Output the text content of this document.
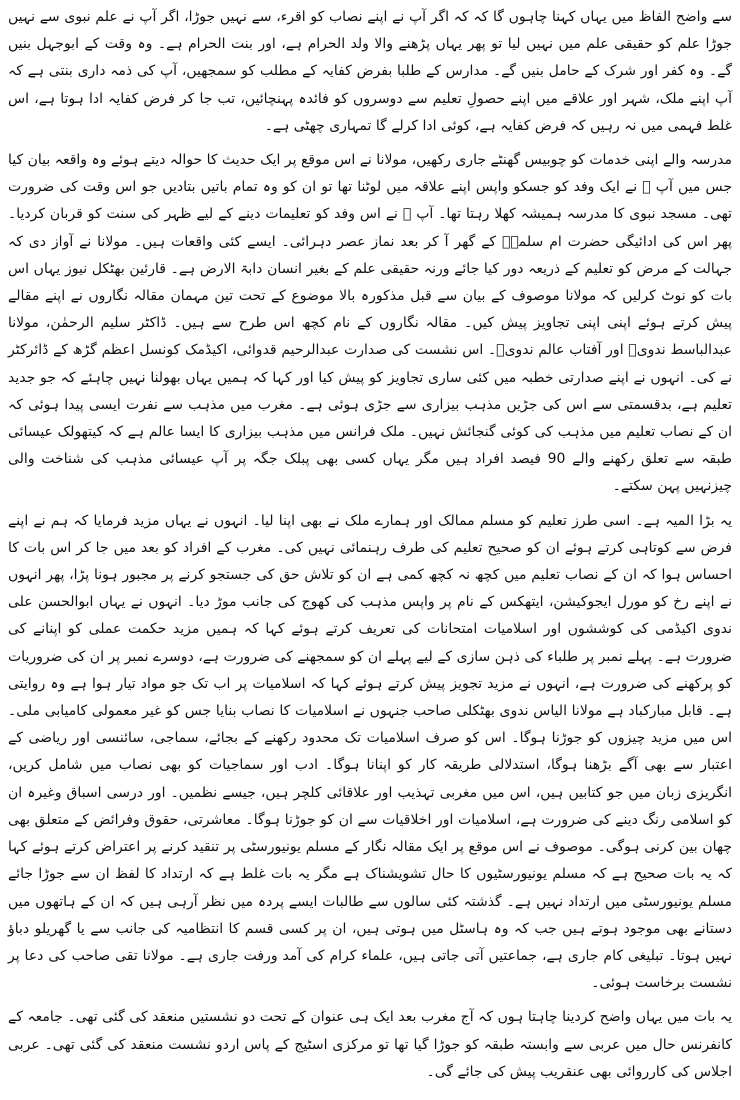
سے واضح الفاظ میں یہاں کہنا چاہوں گا کہ کہ اگر آپ نے اپنے نصاب کو اقرء، سے نہیں جوڑا، اگر آپ نے علم نبوی سے نہیں جوڑا علم کو حقیقی علم میں نہیں لیا تو پھر یہاں پڑھنے والا ولد الحرام ہے، اور بنت الحرام ہے۔ وہ وقت کے ابوجہل بنیں گے۔ وہ کفر اور شرک کے حامل بنیں گے۔ مدارس کے طلبا بفرض کفایہ کے مطلب کو سمجھیں، آپ کی ذمہ داری بنتی ہے کہ آپ اپنے ملک، شہر اور علاقے میں اپنے حصولِ تعلیم سے دوسروں کو فائدہ پہنچائیں، تب جا کر فرض کفایہ ادا ہوتا ہے، اس غلط فہمی میں نہ رہیں کہ فرض کفایہ ہے، کوئی ادا کرلے گا تمہاری چھٹی ہے۔

مدرسہ والے اپنی خدمات کو چوبیس گھنٹے جاری رکھیں، مولانا نے اس موقع پر ایک حدیث کا حوالہ دیتے ہوئے وہ واقعہ بیان کیا جس میں آپ ﷺ نے ایک وفد کو جسکو واپس اپنے علاقہ میں لوٹنا تھا تو ان کو وہ تمام باتیں بتادیں جو اس وقت کی ضرورت تھی۔ مسجد نبوی کا مدرسہ ہمیشہ کھلا رہتا تھا۔ آپ ﷺ نے اس وفد کو تعلیمات دینے کے لیے ظہر کی سنت کو قربان کردیا۔ پھر اس کی ادائیگی حضرت ام سلمہؓ کے گھر آ کر بعد نماز عصر دہرائی۔ ایسے کئی واقعات ہیں۔ مولانا نے آواز دی کہ جہالت کے مرض کو تعلیم کے ذریعہ دور کیا جائے ورنہ حقیقی علم کے بغیر انسان دابۃ الارض ہے۔ قارئین بھٹکل نیوز یہاں اس بات کو نوٹ کرلیں کہ مولانا موصوف کے بیان سے قبل مذکورہ بالا موضوع کے تحت تین مہمان مقالہ نگاروں نے اپنے مقالے پیش کرتے ہوئے اپنی اپنی تجاویز پیش کیں۔ مقالہ نگاروں کے نام کچھ اس طرح سے ہیں۔ ڈاکٹر سلیم الرحمٰن، مولانا عبدالباسط ندویؔ اور آفتاب عالم ندویؔ۔ اس نشست کی صدارت عبدالرحیم قدوائی، اکیڈمک کونسل اعظم گڑھ کے ڈائرکٹر نے کی۔ انہوں نے اپنے صدارتی خطبہ میں کئی ساری تجاویز کو پیش کیا اور کہا کہ ہمیں یہاں بھولنا نہیں چاہئے کہ جو جدید تعلیم ہے، بدقسمتی سے اس کی جڑیں مذہب بیزاری سے جڑی ہوئی ہے۔ مغرب میں مذہب سے نفرت ایسی پیدا ہوئی کہ ان کے نصاب تعلیم میں مذہب کی کوئی گنجائش نہیں۔ ملک فرانس میں مذہب بیزاری کا ایسا عالم ہے کہ کیتھولک عیسائی طبقہ سے تعلق رکھنے والے 90 فیصد افراد ہیں مگر یہاں کسی بھی پبلک جگہ پر آپ عیسائی مذہب کی شناخت والی چیزنہیں پہن سکتے۔

یہ بڑا المیہ ہے۔ اسی طرز تعلیم کو مسلم ممالک اور ہمارے ملک نے بھی اپنا لیا۔ انہوں نے یہاں مزید فرمایا کہ ہم نے اپنے فرض سے کوتاہی کرتے ہوئے ان کو صحیح تعلیم کی طرف رہنمائی نہیں کی۔ مغرب کے افراد کو بعد میں جا کر اس بات کا احساس ہوا کہ ان کے نصاب تعلیم میں کچھ نہ کچھ کمی ہے ان کو تلاش حق کی جستجو کرنے پر مجبور ہونا پڑا، پھر انہوں نے اپنے رخ کو مورل ایجوکیشن، ایتھکس کے نام پر واپس مذہب کی کھوج کی جانب موڑ دیا۔ انہوں نے یہاں ابوالحسن علی ندوی اکیڈمی کی کوششوں اور اسلامیات امتحانات کی تعریف کرتے ہوئے کہا کہ ہمیں مزید حکمت عملی کو اپنانے کی ضرورت ہے۔ پہلے نمبر پر طلباء کی ذہن سازی کے لیے پہلے ان کو سمجھنے کی ضرورت ہے، دوسرے نمبر پر ان کی ضروریات کو پرکھنے کی ضرورت ہے، انہوں نے مزید تجویز پیش کرتے ہوئے کہا کہ اسلامیات پر اب تک جو مواد تیار ہوا ہے وہ روایتی ہے۔ قابل مبارکباد ہے مولانا الیاس ندوی بھٹکلی صاحب جنہوں نے اسلامیات کا نصاب بنایا جس کو غیر معمولی کامیابی ملی۔ اس میں مزید چیزوں کو جوڑنا ہوگا۔ اس کو صرف اسلامیات تک محدود رکھنے کے بجائے، سماجی، سائنسی اور ریاضی کے اعتبار سے بھی آگے بڑھنا ہوگا، استدلالی طریقہ کار کو اپنانا ہوگا۔ ادب اور سماجیات کو بھی نصاب میں شامل کریں، انگریزی زبان میں جو کتابیں ہیں، اس میں مغربی تہذیب اور علاقائی کلچر ہیں، جیسے نظمیں۔ اور درسی اسباق وغیرہ ان کو اسلامی رنگ دینے کی ضرورت ہے، اسلامیات اور اخلاقیات سے ان کو جوڑنا ہوگا۔ معاشرتی، حقوق وفرائض کے متعلق بھی چھان بین کرنی ہوگی۔ موصوف نے اس موقع پر ایک مقالہ نگار کے مسلم یونیورسٹی پر تنقید کرنے پر اعتراض کرتے ہوئے کہا کہ یہ بات صحیح ہے کہ مسلم یونیورسٹیوں کا حال تشویشناک ہے مگر یہ بات غلط ہے کہ ارتداد کا لفظ ان سے جوڑا جائے مسلم یونیورسٹی میں ارتداد نہیں ہے۔ گذشتہ کئی سالوں سے طالبات ایسے پردہ میں نظر آرہی ہیں کہ ان کے ہاتھوں میں دستانے بھی موجود ہوتے ہیں جب کہ وہ ہاسٹل میں ہوتی ہیں، ان پر کسی قسم کا انتظامیہ کی جانب سے یا گھریلو دباؤ نہیں ہوتا۔ تبلیغی کام جاری ہے، جماعتیں آتی جاتی ہیں، علماء کرام کی آمد ورفت جاری ہے۔ مولانا تقی صاحب کی دعا پر نشست برخاست ہوئی۔

یہ بات میں یہاں واضح کردینا چاہتا ہوں کہ آج مغرب بعد ایک ہی عنوان کے تحت دو نشستیں منعقد کی گئی تھی۔ جامعہ کے کانفرنس حال میں عربی سے وابستہ طبقہ کو جوڑا گیا تھا تو مرکزی اسٹیج کے پاس اردو نشست منعقد کی گئی تھی۔ عربی اجلاس کی کارروائی بھی عنقریب پیش کی جائے گی۔
